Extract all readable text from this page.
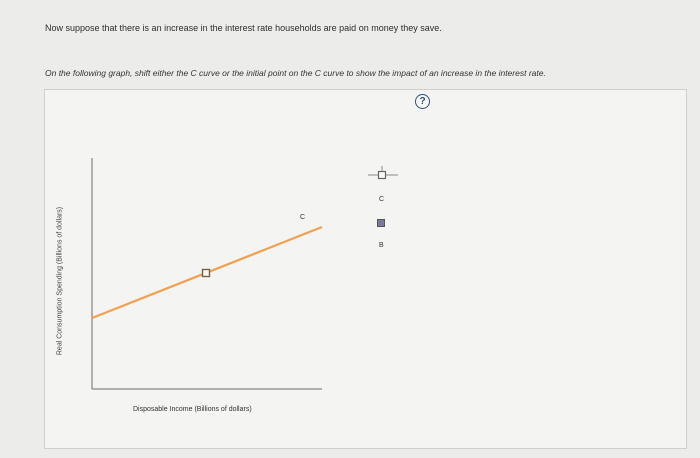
Now suppose that there is an increase in the interest rate households are paid on money they save.
On the following graph, shift either the C curve or the initial point on the C curve to show the impact of an increase in the interest rate.
?
C
C
B
Real Consumption Spending (Billions of dollars)
Disposable Income (Billions of dollars)
